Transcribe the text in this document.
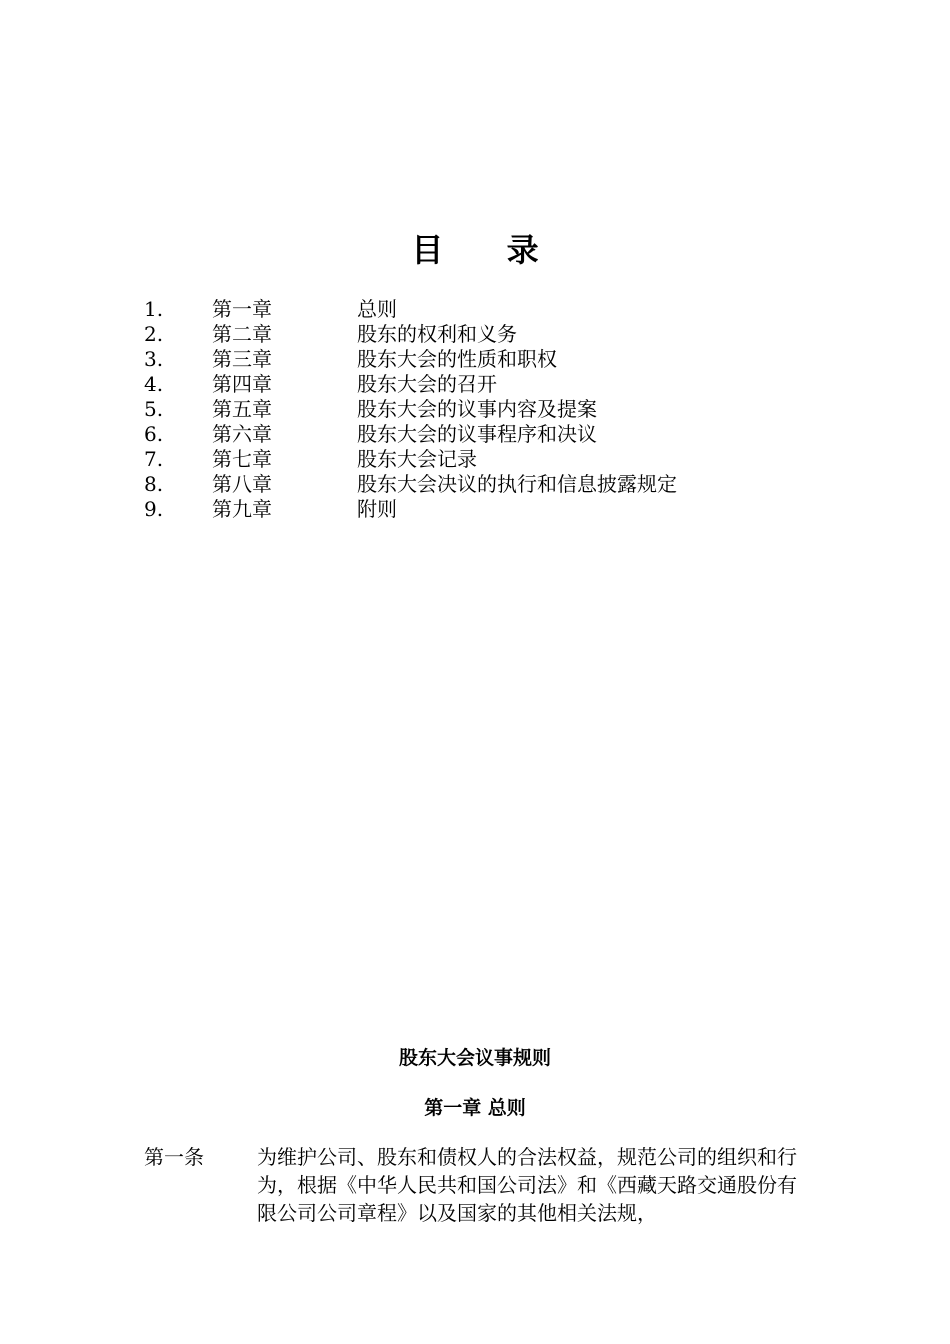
目 录
1. 第一章	总则
2. 第二章	股东的权利和义务
3. 第三章	股东大会的性质和职权
4. 第四章	股东大会的召开
5. 第五章	股东大会的议事内容及提案
6. 第六章	股东大会的议事程序和决议
7. 第七章	股东大会记录
8. 第八章	股东大会决议的执行和信息披露规定
9. 第九章	附则
股东大会议事规则
第一章 总则
第一条	为维护公司、股东和债权人的合法权益，规范公司的组织和行为，根据《中华人民共和国公司法》和《西藏天路交通股份有限公司公司章程》以及国家的其他相关法规，
